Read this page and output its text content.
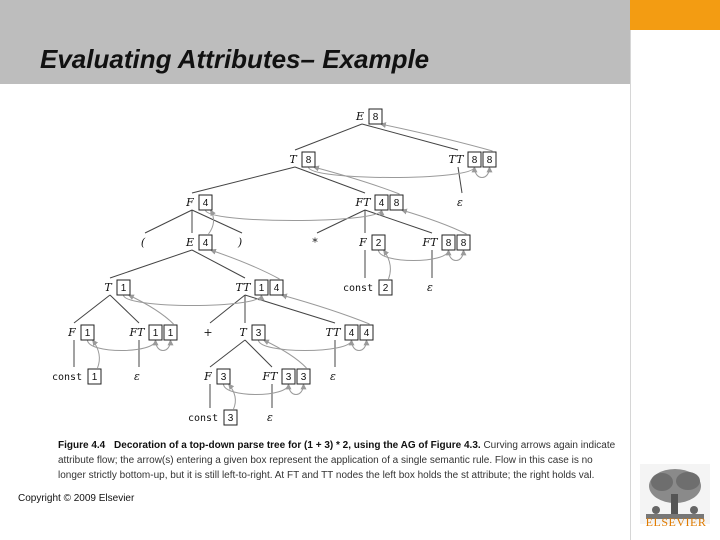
Evaluating Attributes– Example
E 8
T 8	TT 8 8
ε
F 4	FT 4 8
(	E 4	)	*	F 2	FT 8 8
T 1	TT 1 4	const 2	ε
F 1	FT 1 1	+ T 3	TT 4 4
const 1	ε	F 3	FT 3 3 ε
const 3	ε
Figure 4.4 Decoration of a top-down parse tree for (1 + 3) * 2, using the AG of Figure 4.3. Curving arrows again indicate attribute flow; the arrow(s) entering a given box represent the application of a single semantic rule. Flow in this case is no longer strictly bottom-up, but it is still left-to-right. At FT and TT nodes the left box holds the st attribute; the right holds val.
Copyright © 2009 Elsevier
ELSEVIER
